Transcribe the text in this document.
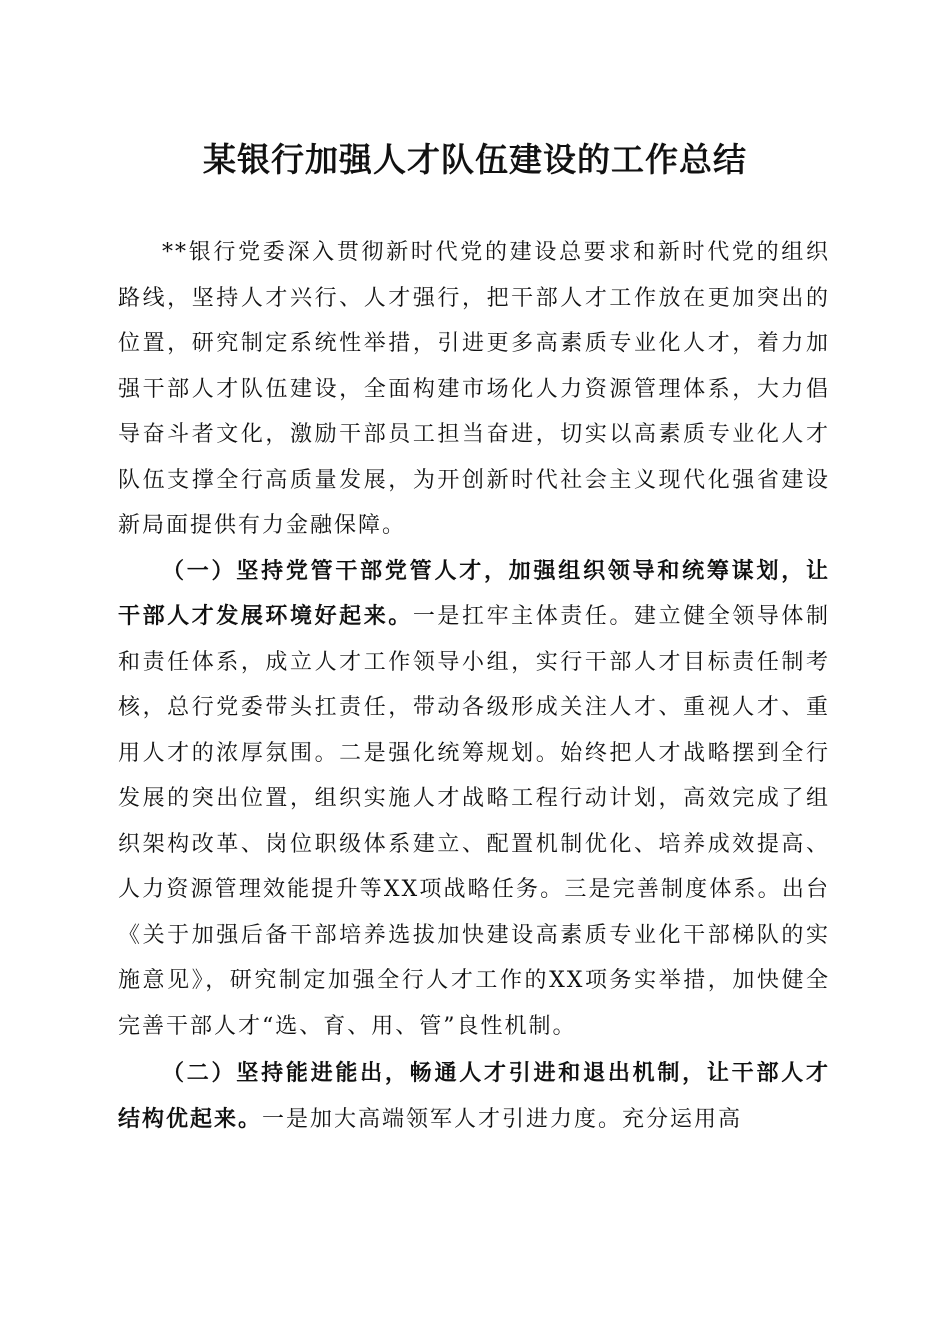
某银行加强人才队伍建设的工作总结

**银行党委深入贯彻新时代党的建设总要求和新时代党的组织路线，坚持人才兴行、人才强行，把干部人才工作放在更加突出的位置，研究制定系统性举措，引进更多高素质专业化人才，着力加强干部人才队伍建设，全面构建市场化人力资源管理体系，大力倡导奋斗者文化，激励干部员工担当奋进，切实以高素质专业化人才队伍支撑全行高质量发展，为开创新时代社会主义现代化强省建设新局面提供有力金融保障。

（一）坚持党管干部党管人才，加强组织领导和统筹谋划，让干部人才发展环境好起来。一是扛牢主体责任。建立健全领导体制和责任体系，成立人才工作领导小组，实行干部人才目标责任制考核，总行党委带头扛责任，带动各级形成关注人才、重视人才、重用人才的浓厚氛围。二是强化统筹规划。始终把人才战略摆到全行发展的突出位置，组织实施人才战略工程行动计划，高效完成了组织架构改革、岗位职级体系建立、配置机制优化、培养成效提高、人力资源管理效能提升等XX项战略任务。三是完善制度体系。出台《关于加强后备干部培养选拔加快建设高素质专业化干部梯队的实施意见》，研究制定加强全行人才工作的XX项务实举措，加快健全完善干部人才“选、育、用、管”良性机制。

（二）坚持能进能出，畅通人才引进和退出机制，让干部人才结构优起来。一是加大高端领军人才引进力度。充分运用高
